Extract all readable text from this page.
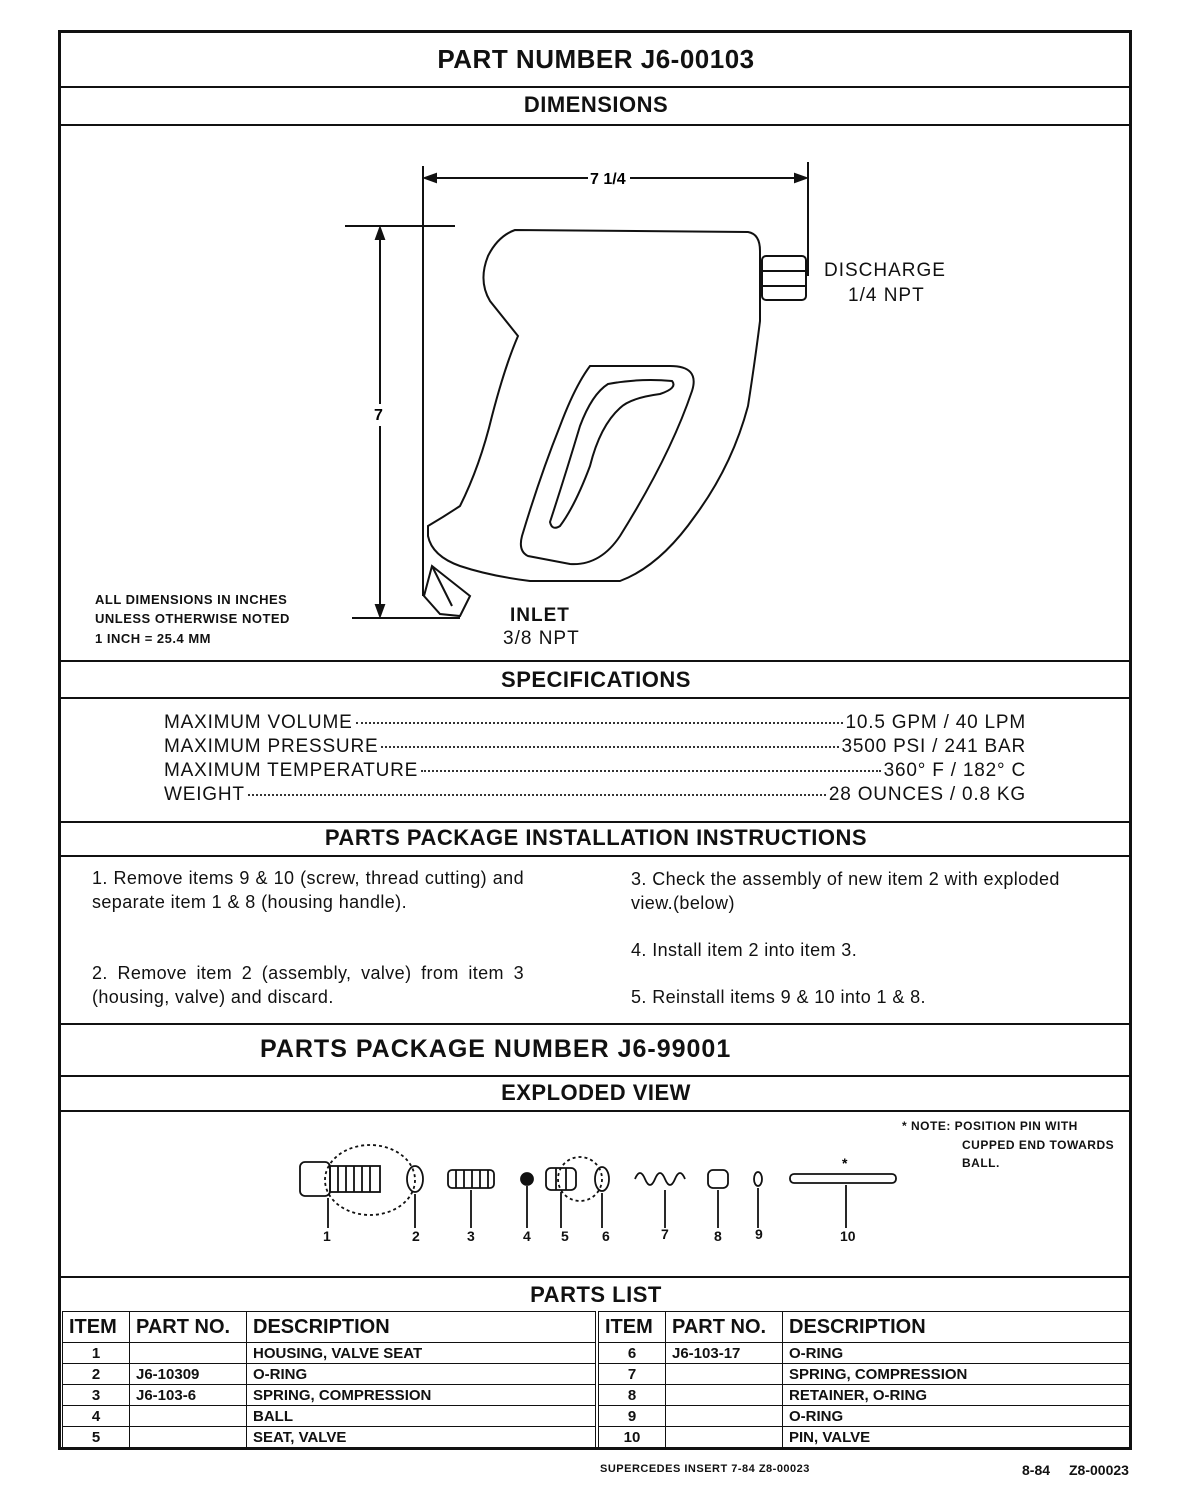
PART NUMBER J6-00103
DIMENSIONS
7 1/4
7
DISCHARGE
1/4 NPT
INLET
3/8 NPT
ALL DIMENSIONS IN INCHES
UNLESS OTHERWISE NOTED
1 INCH = 25.4 MM
SPECIFICATIONS
MAXIMUM VOLUME	10.5 GPM / 40 LPM
MAXIMUM PRESSURE	3500 PSI / 241 BAR
MAXIMUM TEMPERATURE	360° F / 182° C
WEIGHT	28 OUNCES / 0.8 KG
PARTS PACKAGE INSTALLATION INSTRUCTIONS
1. Remove items 9 & 10 (screw, thread cutting) and separate item 1 & 8 (housing handle).
2. Remove item 2 (assembly, valve) from item 3 (housing, valve) and discard.
3. Check the assembly of new item 2 with exploded view.(below)
4. Install item 2 into item 3.
5. Reinstall items 9 & 10 into 1 & 8.
PARTS PACKAGE NUMBER J6-99001
EXPLODED VIEW
*
1	2	3	4 5 6	7	8 9	10
* NOTE: POSITION PIN WITH
CUPPED END TOWARDS
BALL.
PARTS LIST
ITEM	PART NO.	DESCRIPTION
1		HOUSING, VALVE SEAT
2	J6-10309	O-RING
3	J6-103-6	SPRING, COMPRESSION
4		BALL
5		SEAT, VALVE
ITEM	PART NO.	DESCRIPTION
6	J6-103-17	O-RING
7		SPRING, COMPRESSION
8		RETAINER, O-RING
9		O-RING
10		PIN, VALVE
SUPERCEDES INSERT 7-84 Z8-00023	8-84 Z8-00023
